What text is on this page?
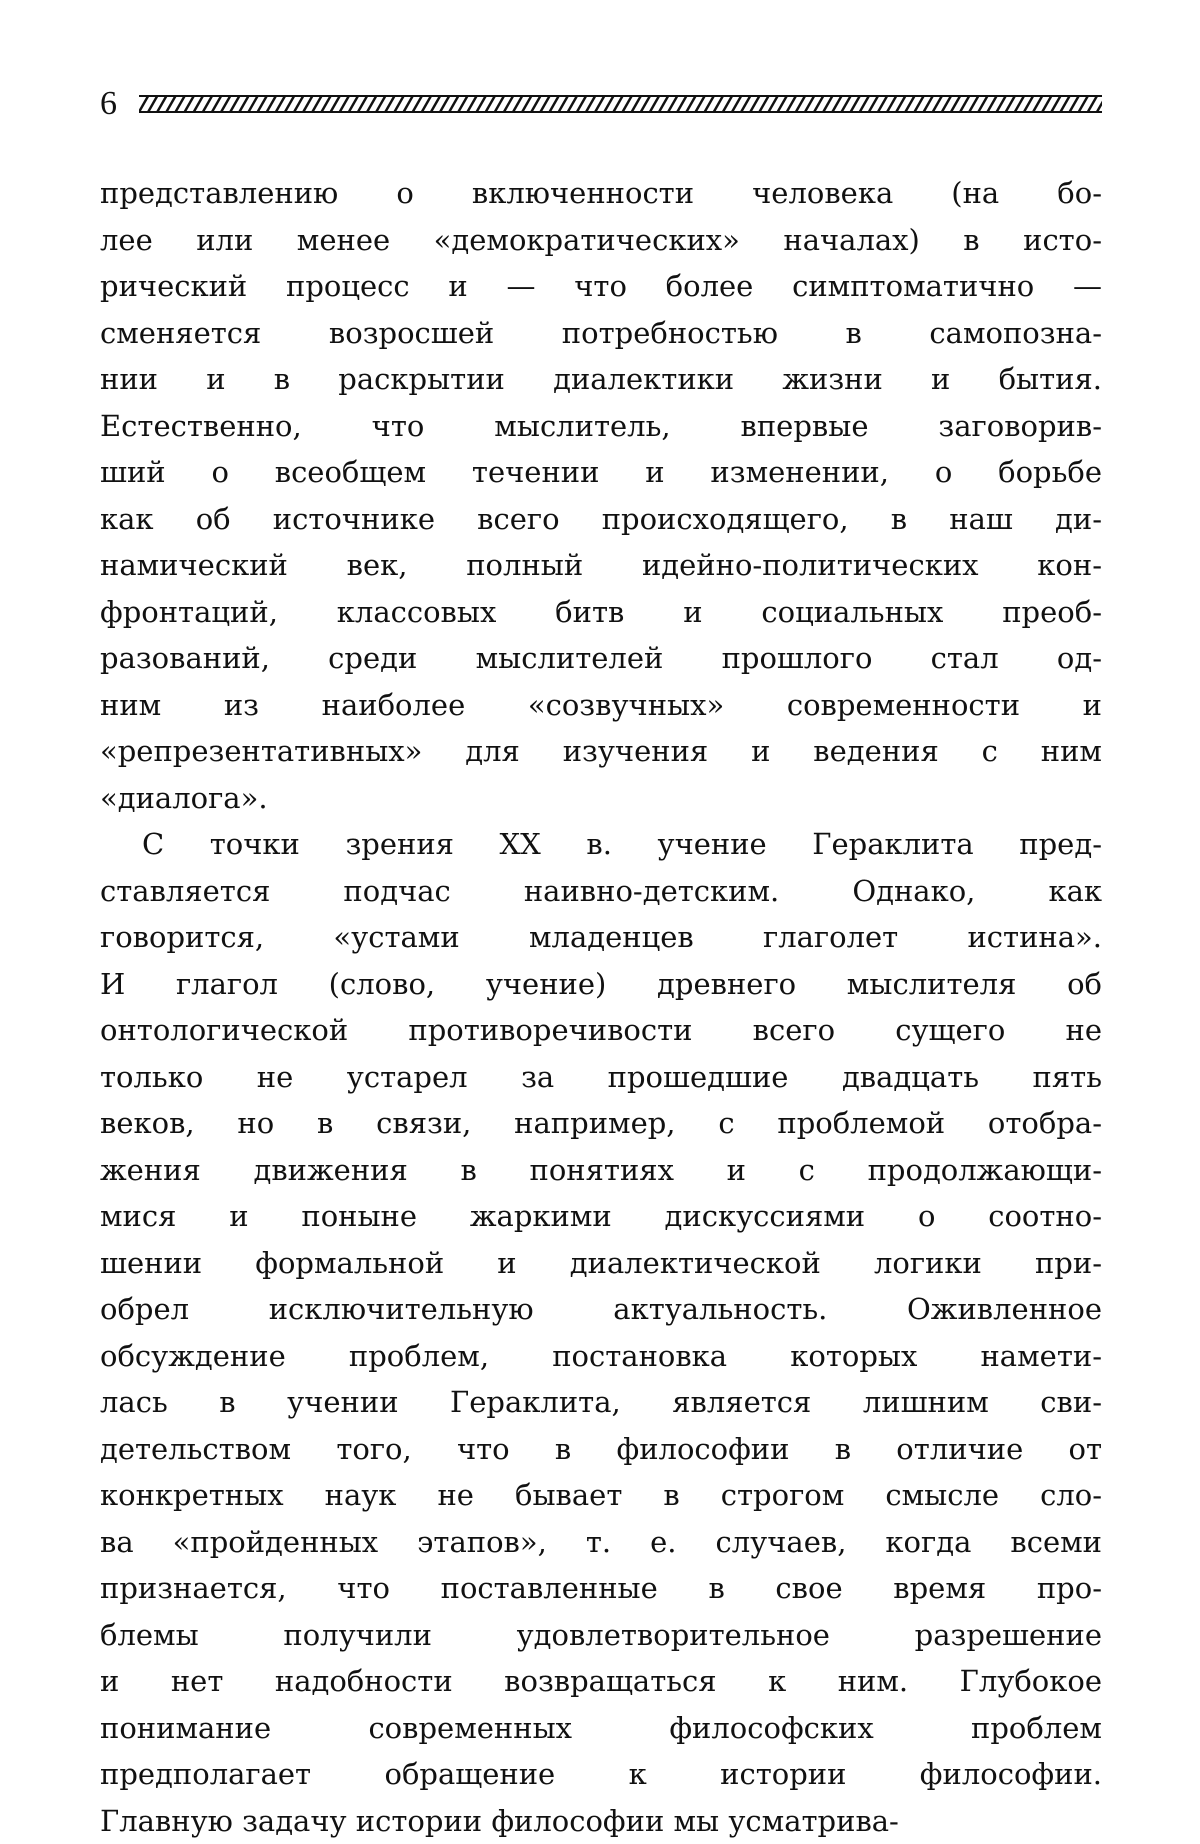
6
представлению о включенности человека (на бо-
лее или менее «демократических» началах) в исто-
рический процесс и — что более симптоматично —
сменяется возросшей потребностью в самопозна-
нии и в раскрытии диалектики жизни и бытия.
Естественно, что мыслитель, впервые заговорив-
ший о всеобщем течении и изменении, о борьбе
как об источнике всего происходящего, в наш ди-
намический век, полный идейно-политических кон-
фронтаций, классовых битв и социальных преоб-
разований, среди мыслителей прошлого стал од-
ним из наиболее «созвучных» современности и
«репрезентативных» для изучения и ведения с ним
«диалога».
С точки зрения XX в. учение Гераклита пред-
ставляется подчас наивно-детским. Однако, как
говорится, «устами младенцев глаголет истина».
И глагол (слово, учение) древнего мыслителя об
онтологической противоречивости всего сущего не
только не устарел за прошедшие двадцать пять
веков, но в связи, например, с проблемой отобра-
жения движения в понятиях и с продолжающи-
мися и поныне жаркими дискуссиями о соотно-
шении формальной и диалектической логики при-
обрел исключительную актуальность. Оживленное
обсуждение проблем, постановка которых намети-
лась в учении Гераклита, является лишним сви-
детельством того, что в философии в отличие от
конкретных наук не бывает в строгом смысле сло-
ва «пройденных этапов», т. е. случаев, когда всеми
признается, что поставленные в свое время про-
блемы получили удовлетворительное разрешение
и нет надобности возвращаться к ним. Глубокое
понимание современных философских проблем
предполагает обращение к истории философии.
Главную задачу истории философии мы усматрива-
